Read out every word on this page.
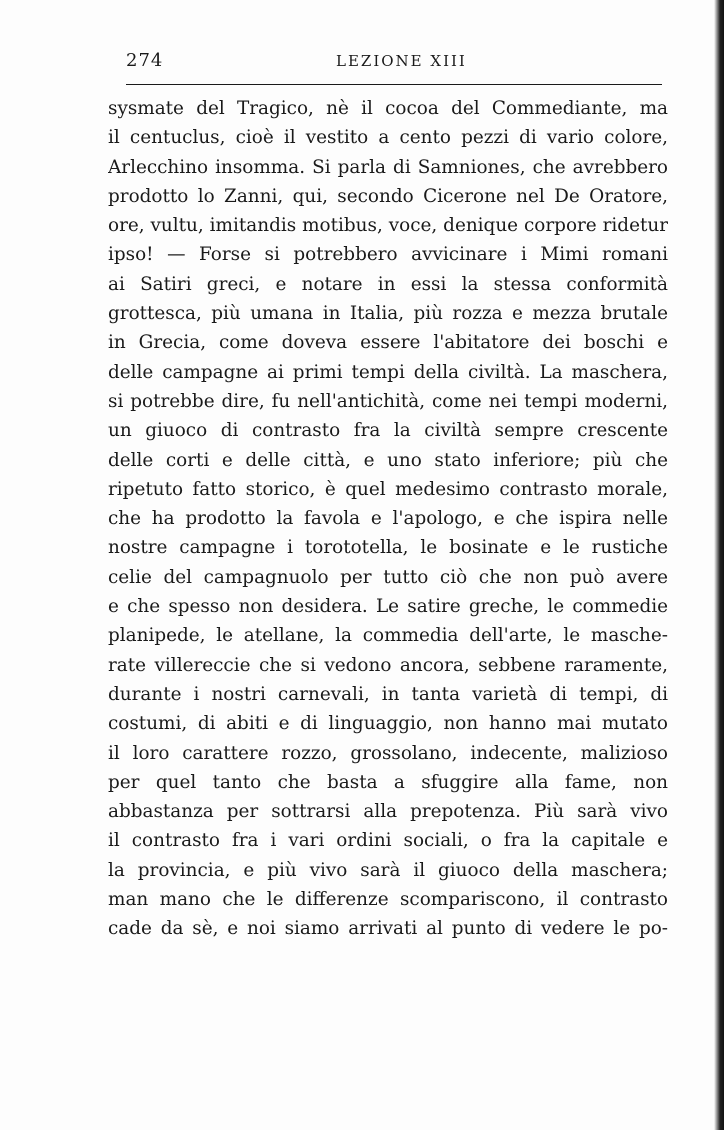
274	LEZIONE XIII
sysmate del Tragico, nè il cocoa del Commediante, ma
il centuclus, cioè il vestito a cento pezzi di vario colore,
Arlecchino insomma. Si parla di Samniones, che avrebbero
prodotto lo Zanni, qui, secondo Cicerone nel De Oratore,
ore, vultu, imitandis motibus, voce, denique corpore ridetur
ipso! — Forse si potrebbero avvicinare i Mimi romani
ai Satiri greci, e notare in essi la stessa conformità
grottesca, più umana in Italia, più rozza e mezza brutale
in Grecia, come doveva essere l'abitatore dei boschi e
delle campagne ai primi tempi della civiltà. La maschera,
si potrebbe dire, fu nell'antichità, come nei tempi moderni,
un giuoco di contrasto fra la civiltà sempre crescente
delle corti e delle città, e uno stato inferiore; più che
ripetuto fatto storico, è quel medesimo contrasto morale,
che ha prodotto la favola e l'apologo, e che ispira nelle
nostre campagne i torototella, le bosinate e le rustiche
celie del campagnuolo per tutto ciò che non può avere
e che spesso non desidera. Le satire greche, le commedie
planipede, le atellane, la commedia dell'arte, le masche-
rate villereccie che si vedono ancora, sebbene raramente,
durante i nostri carnevali, in tanta varietà di tempi, di
costumi, di abiti e di linguaggio, non hanno mai mutato
il loro carattere rozzo, grossolano, indecente, malizioso
per quel tanto che basta a sfuggire alla fame, non
abbastanza per sottrarsi alla prepotenza. Più sarà vivo
il contrasto fra i vari ordini sociali, o fra la capitale e
la provincia, e più vivo sarà il giuoco della maschera;
man mano che le differenze scompariscono, il contrasto
cade da sè, e noi siamo arrivati al punto di vedere le po-
